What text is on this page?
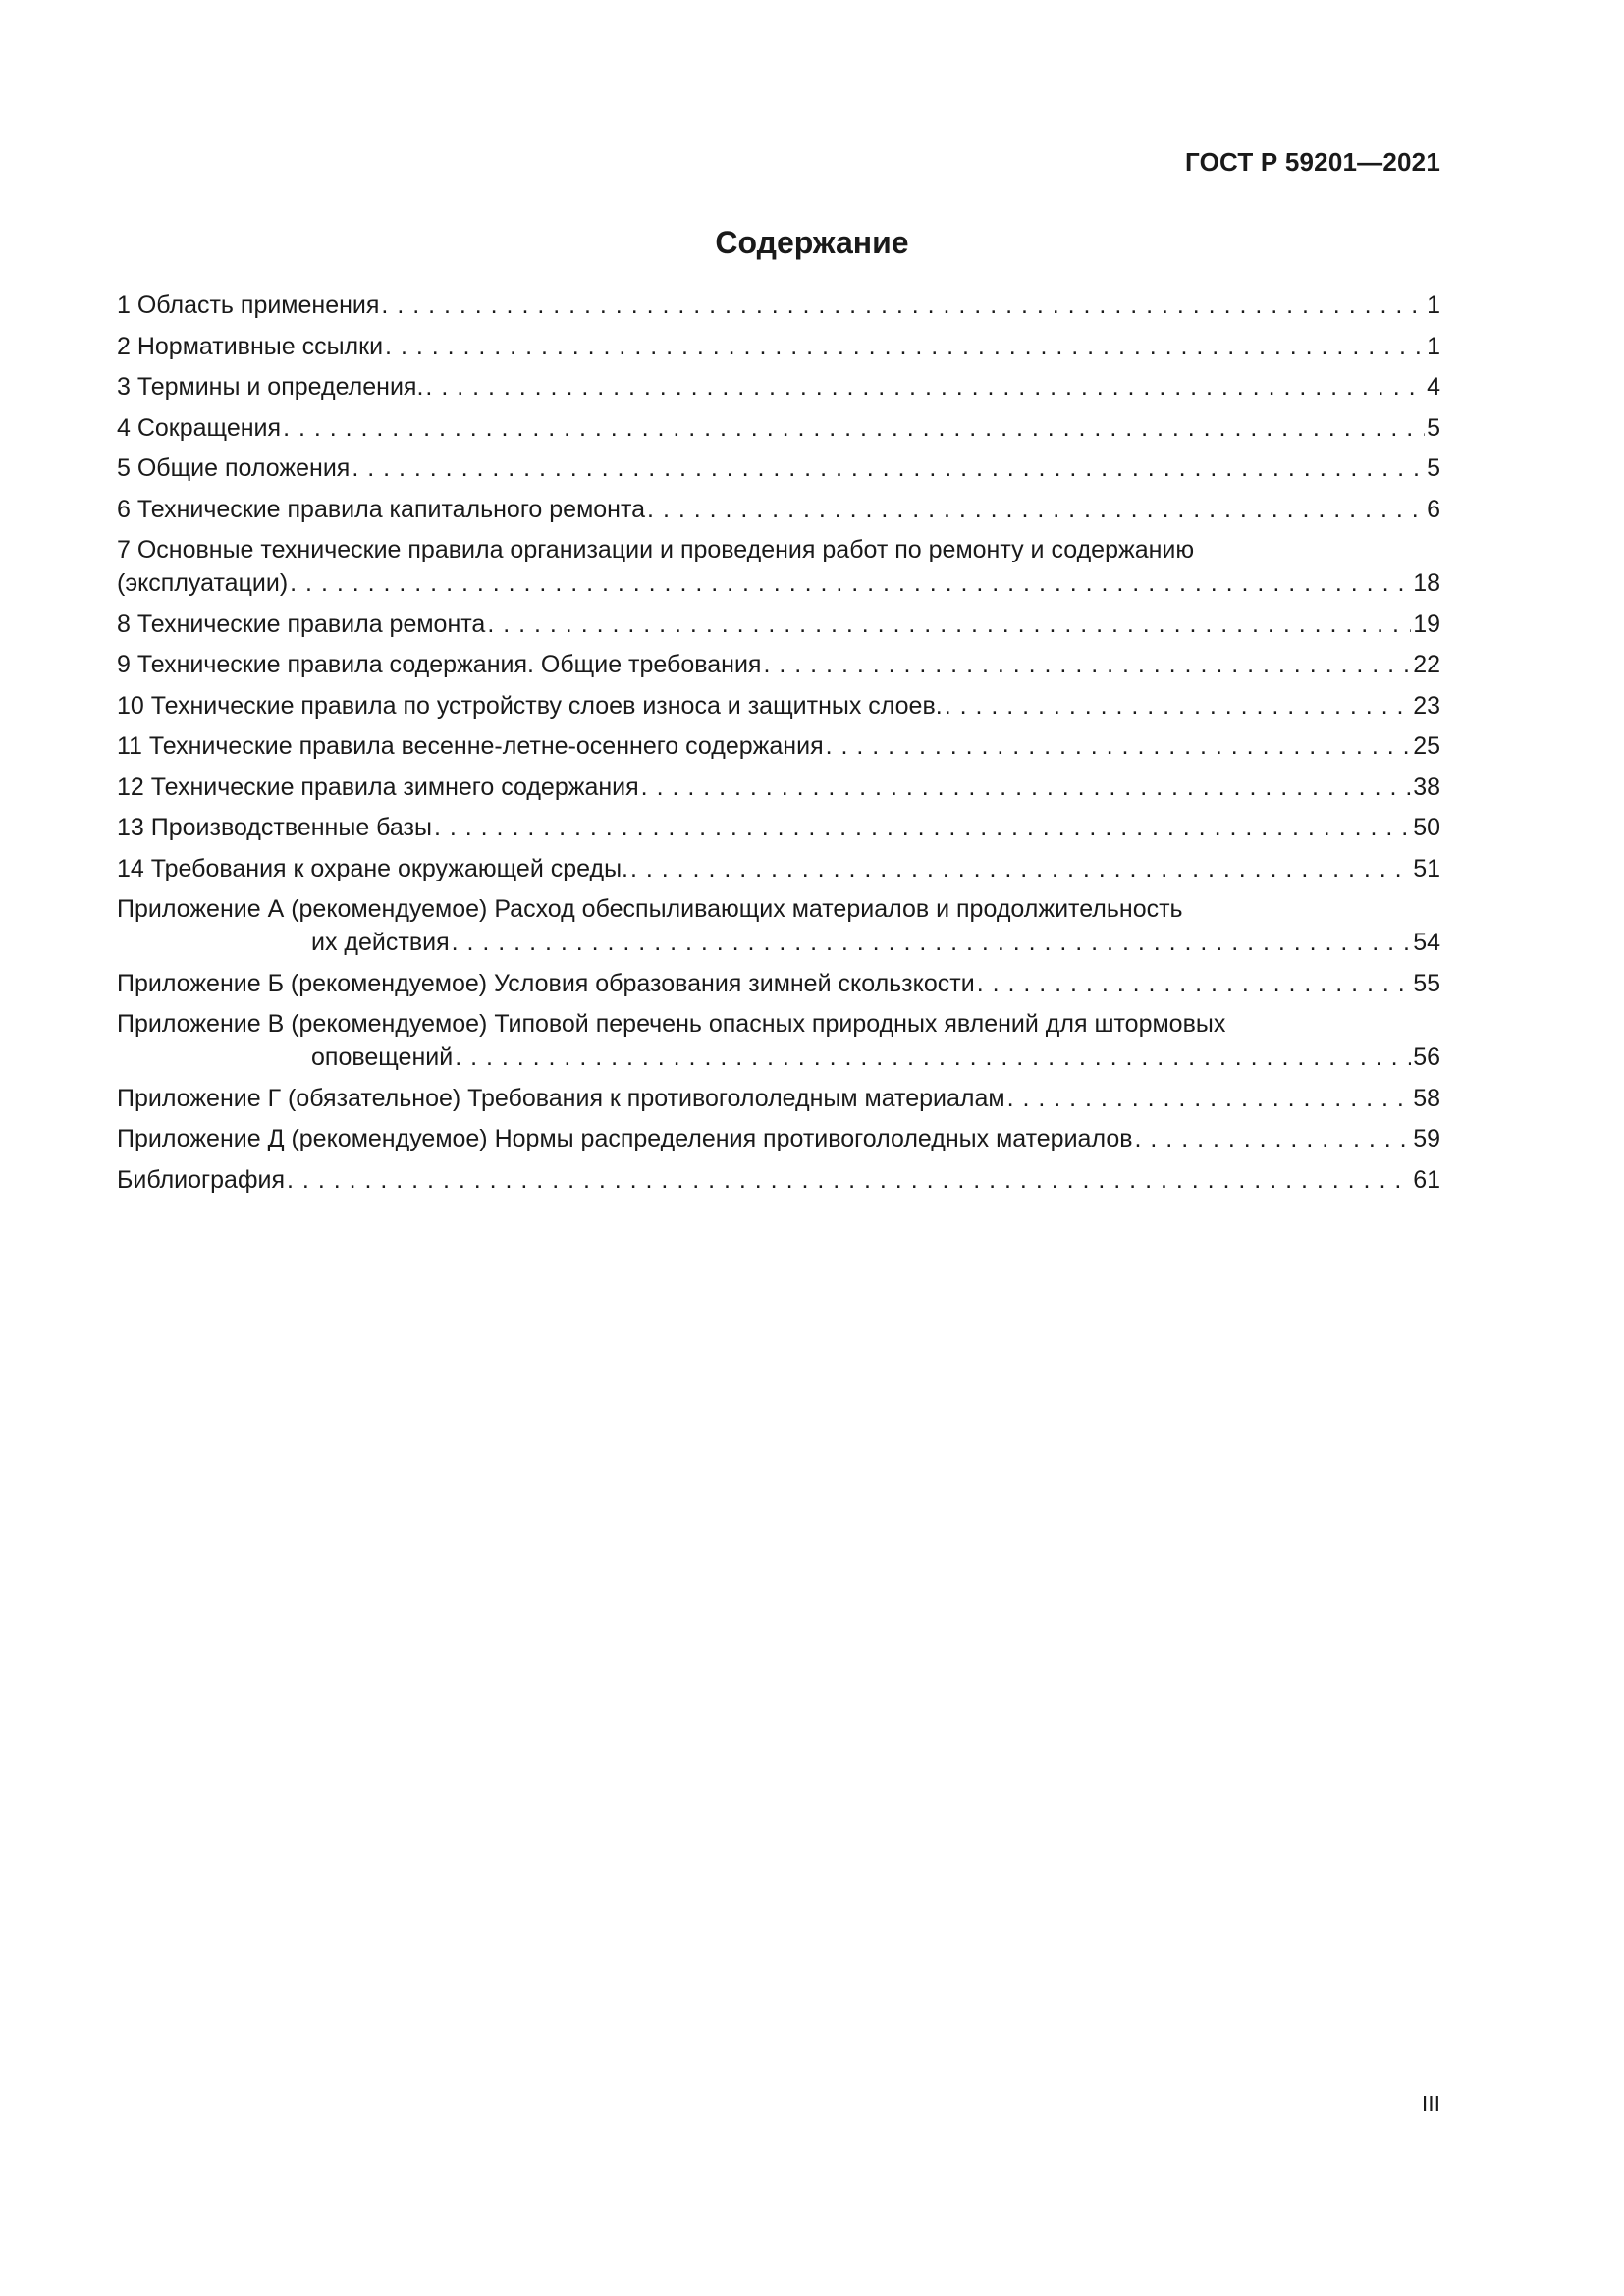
ГОСТ Р 59201—2021
Содержание
1 Область применения . . .	1
2 Нормативные ссылки . . .	1
3 Термины и определения. . . .	4
4 Сокращения . . .	5
5 Общие положения . . .	5
6 Технические правила капитального ремонта . . .	6
7 Основные технические правила организации и проведения работ по ремонту и содержанию
(эксплуатации) . . .	18
8 Технические правила ремонта . . .	19
9 Технические правила содержания. Общие требования . . .	22
10 Технические правила по устройству слоев износа и защитных слоев. . . .	23
11 Технические правила весенне-летне-осеннего содержания . . .	25
12 Технические правила зимнего содержания . . .	38
13 Производственные базы . . .	50
14 Требования к охране окружающей среды. . . .	51
Приложение А (рекомендуемое) Расход обеспыливающих материалов и продолжительность
их действия . . .	54
Приложение Б (рекомендуемое) Условия образования зимней скользкости . . .	55
Приложение В (рекомендуемое) Типовой перечень опасных природных явлений для штормовых
оповещений . . .	56
Приложение Г (обязательное) Требования к противогололедным материалам . . .	58
Приложение Д (рекомендуемое) Нормы распределения противогололедных материалов . . .	59
Библиография . . .	61
III
